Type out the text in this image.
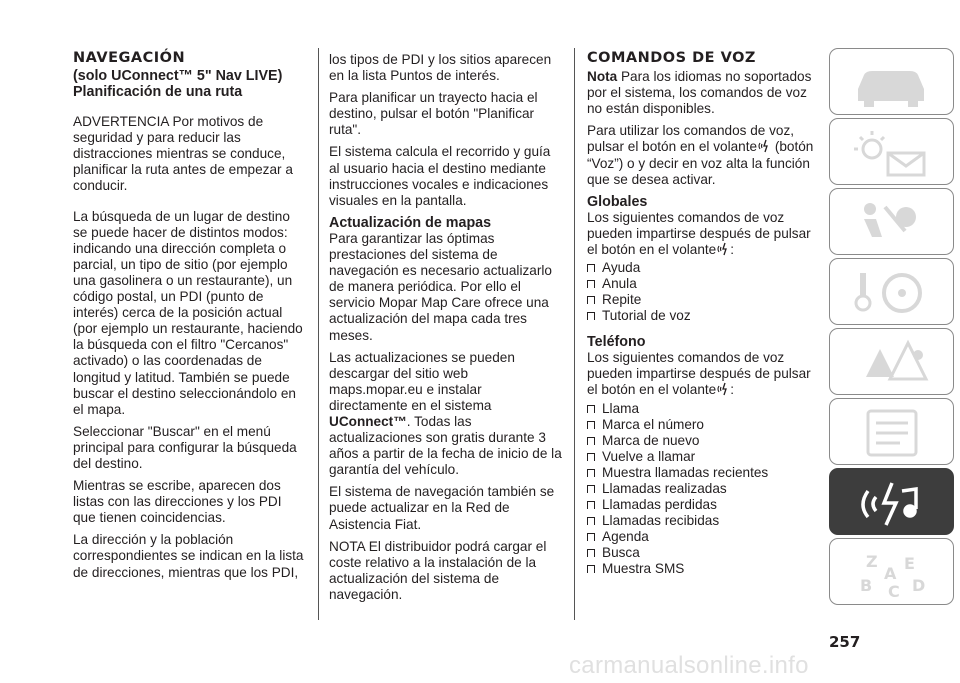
NAVEGACIÓN
(solo UConnect™ 5" Nav LIVE)
Planificación de una ruta

ADVERTENCIA Por motivos de seguridad y para reducir las distracciones mientras se conduce, planificar la ruta antes de empezar a conducir.

La búsqueda de un lugar de destino se puede hacer de distintos modos: indicando una dirección completa o parcial, un tipo de sitio (por ejemplo una gasolinera o un restaurante), un código postal, un PDI (punto de interés) cerca de la posición actual (por ejemplo un restaurante, haciendo la búsqueda con el filtro "Cercanos" activado) o las coordenadas de longitud y latitud. También se puede buscar el destino seleccionándolo en el mapa.

Seleccionar "Buscar" en el menú principal para configurar la búsqueda del destino.

Mientras se escribe, aparecen dos listas con las direcciones y los PDI que tienen coincidencias.

La dirección y la población correspondientes se indican en la lista de direcciones, mientras que los PDI,

los tipos de PDI y los sitios aparecen en la lista Puntos de interés.

Para planificar un trayecto hacia el destino, pulsar el botón "Planificar ruta".

El sistema calcula el recorrido y guía al usuario hacia el destino mediante instrucciones vocales e indicaciones visuales en la pantalla.

Actualización de mapas

Para garantizar las óptimas prestaciones del sistema de navegación es necesario actualizarlo de manera periódica. Por ello el servicio Mopar Map Care ofrece una actualización del mapa cada tres meses.

Las actualizaciones se pueden descargar del sitio web maps.mopar.eu e instalar directamente en el sistema UConnect™. Todas las actualizaciones son gratis durante 3 años a partir de la fecha de inicio de la garantía del vehículo.

El sistema de navegación también se puede actualizar en la Red de Asistencia Fiat.

NOTA El distribuidor podrá cargar el coste relativo a la instalación de la actualización del sistema de navegación.

COMANDOS DE VOZ

Nota Para los idiomas no soportados por el sistema, los comandos de voz no están disponibles.

Para utilizar los comandos de voz, pulsar el botón en el volante (botón “Voz”) o y decir en voz alta la función que se desea activar.

Globales

Los siguientes comandos de voz pueden impartirse después de pulsar el botón en el volante :

Ayuda
Anula
Repite
Tutorial de voz
Teléfono

Los siguientes comandos de voz pueden impartirse después de pulsar el botón en el volante :

Llama
Marca el número
Marca de nuevo
Vuelve a llamar
Muestra llamadas recientes
Llamadas realizadas
Llamadas perdidas
Llamadas recibidas
Agenda
Busca
Muestra SMS	Z E
B C D
A
257
carmanualsonline.info
